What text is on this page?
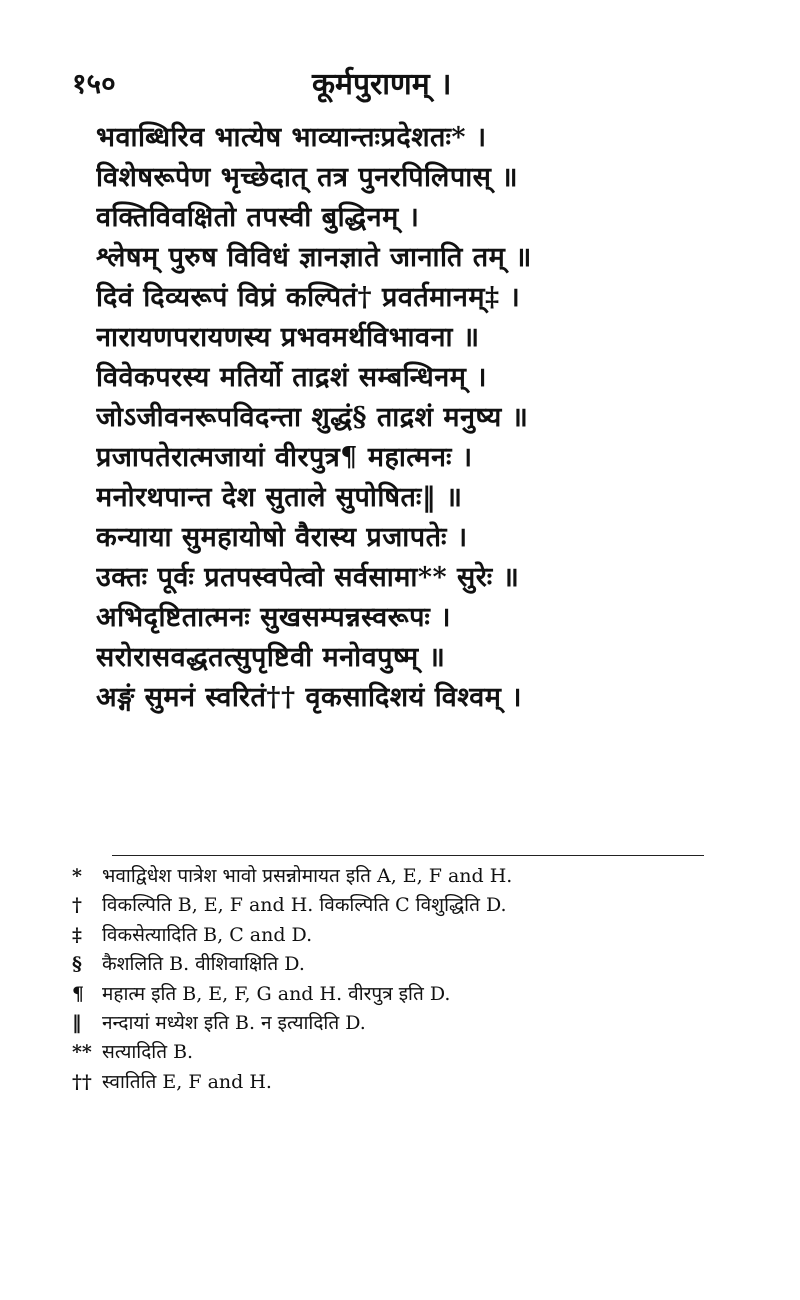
१५०	कूर्मपुराणम् ।
भवाब्धिरिव भात्येष भाव्यान्तःप्रदेशतः* ।
विशेषरूपेण भृच्छेदात् तत्र पुनरपिलिपास् ॥
वक्तिविवक्षितो तपस्वी बुद्धिनम् ।
श्लेषम् पुरुष विविधं ज्ञानज्ञाते जानाति तम् ॥
दिवं दिव्यरूपं विप्रं कल्पितं† प्रवर्तमानम्‡ ।
नारायणपरायणस्य प्रभवमर्थविभावना ॥
विवेकपरस्य मतिर्यो ताद्रशं सम्बन्धिनम् ।
जोऽजीवनरूपविदन्ता शुद्धं§ ताद्रशं मनुष्य ॥
प्रजापतेरात्मजायां वीरपुत्र¶ महात्मनः ।
मनोरथपान्त देश सुताले सुपोषितः‖ ॥
कन्याया सुमहायोषो वैरास्य प्रजापतेः ।
उक्तः पूर्वः प्रतपस्वपेत्वो सर्वसामा** सुरेः ॥
अभिदृष्टितात्मनः सुखसम्पन्नस्वरूपः ।
सरोरासवद्धतत्सुपृष्टिवी मनोवपुष्म् ॥
अङ्गं सुमनं स्वरितं†† वृकसादिशयं विश्वम् ।
* भवाद्विधेश पात्रेश भावो प्रसन्नोमायत इति A, E, F and H.
† विकल्पिति B, E, F and H. विकल्पिति C विशुद्धिति D.
‡ विकसेत्यादिति B, C and D.
§ कैशलिति B. वीशिवाक्षिति D.
¶ महात्म इति B, E, F, G and H. वीरपुत्र इति D.
‖ नन्दायां मध्येश इति B. न इत्यादिति D.
** सत्यादिति B.
†† स्वातिति E, F and H.
